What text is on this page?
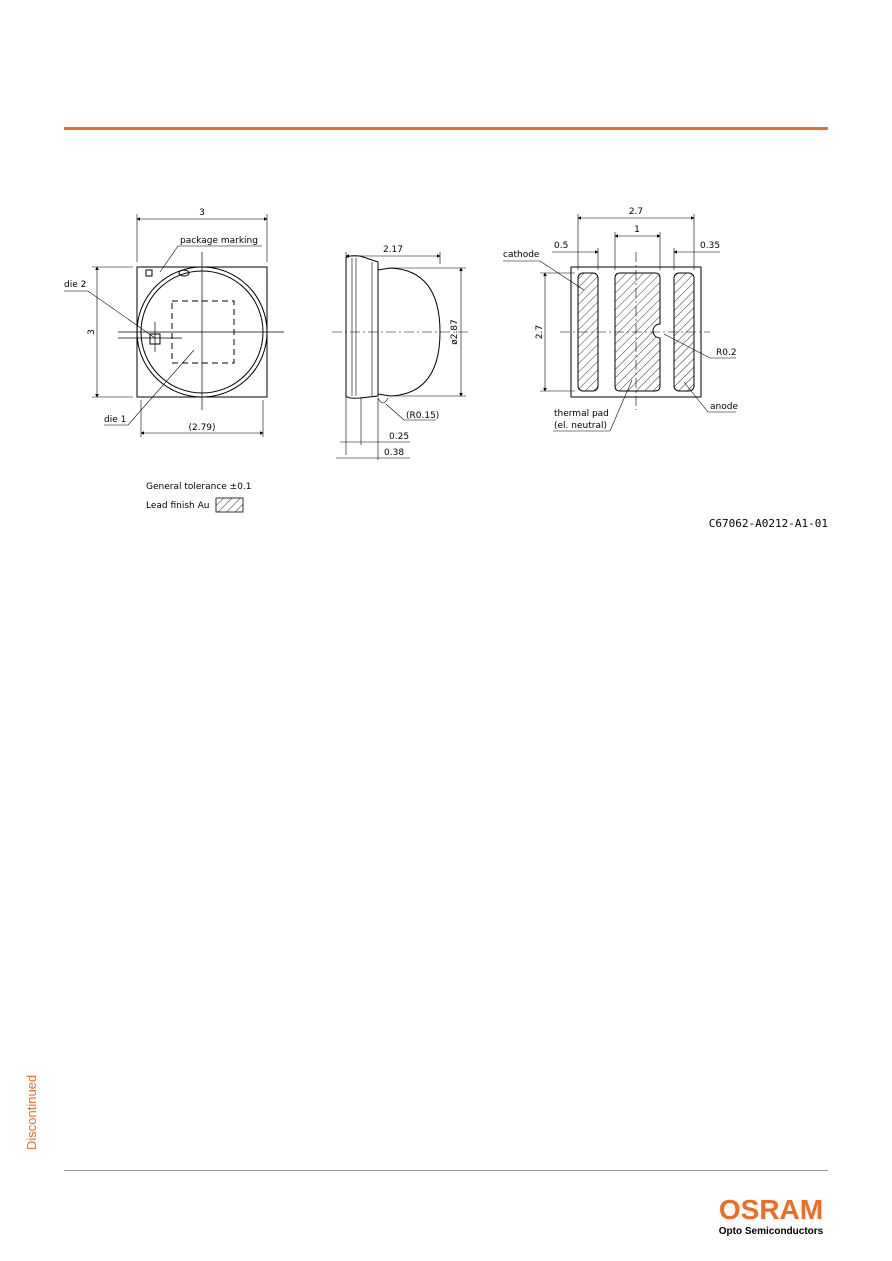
3
3
(2.79)
package marking
die 2
die 1
2.17
ø2.87
(R0.15)
0.25
0.38
2.7
1
0.5	0.35
2.7
cathode
R0.2
anode
thermal pad
(el. neutral)
General tolerance ±0.1
Lead finish Au
C67062-A0212-A1-01
Discontinued
OSRAM
Opto Semiconductors
